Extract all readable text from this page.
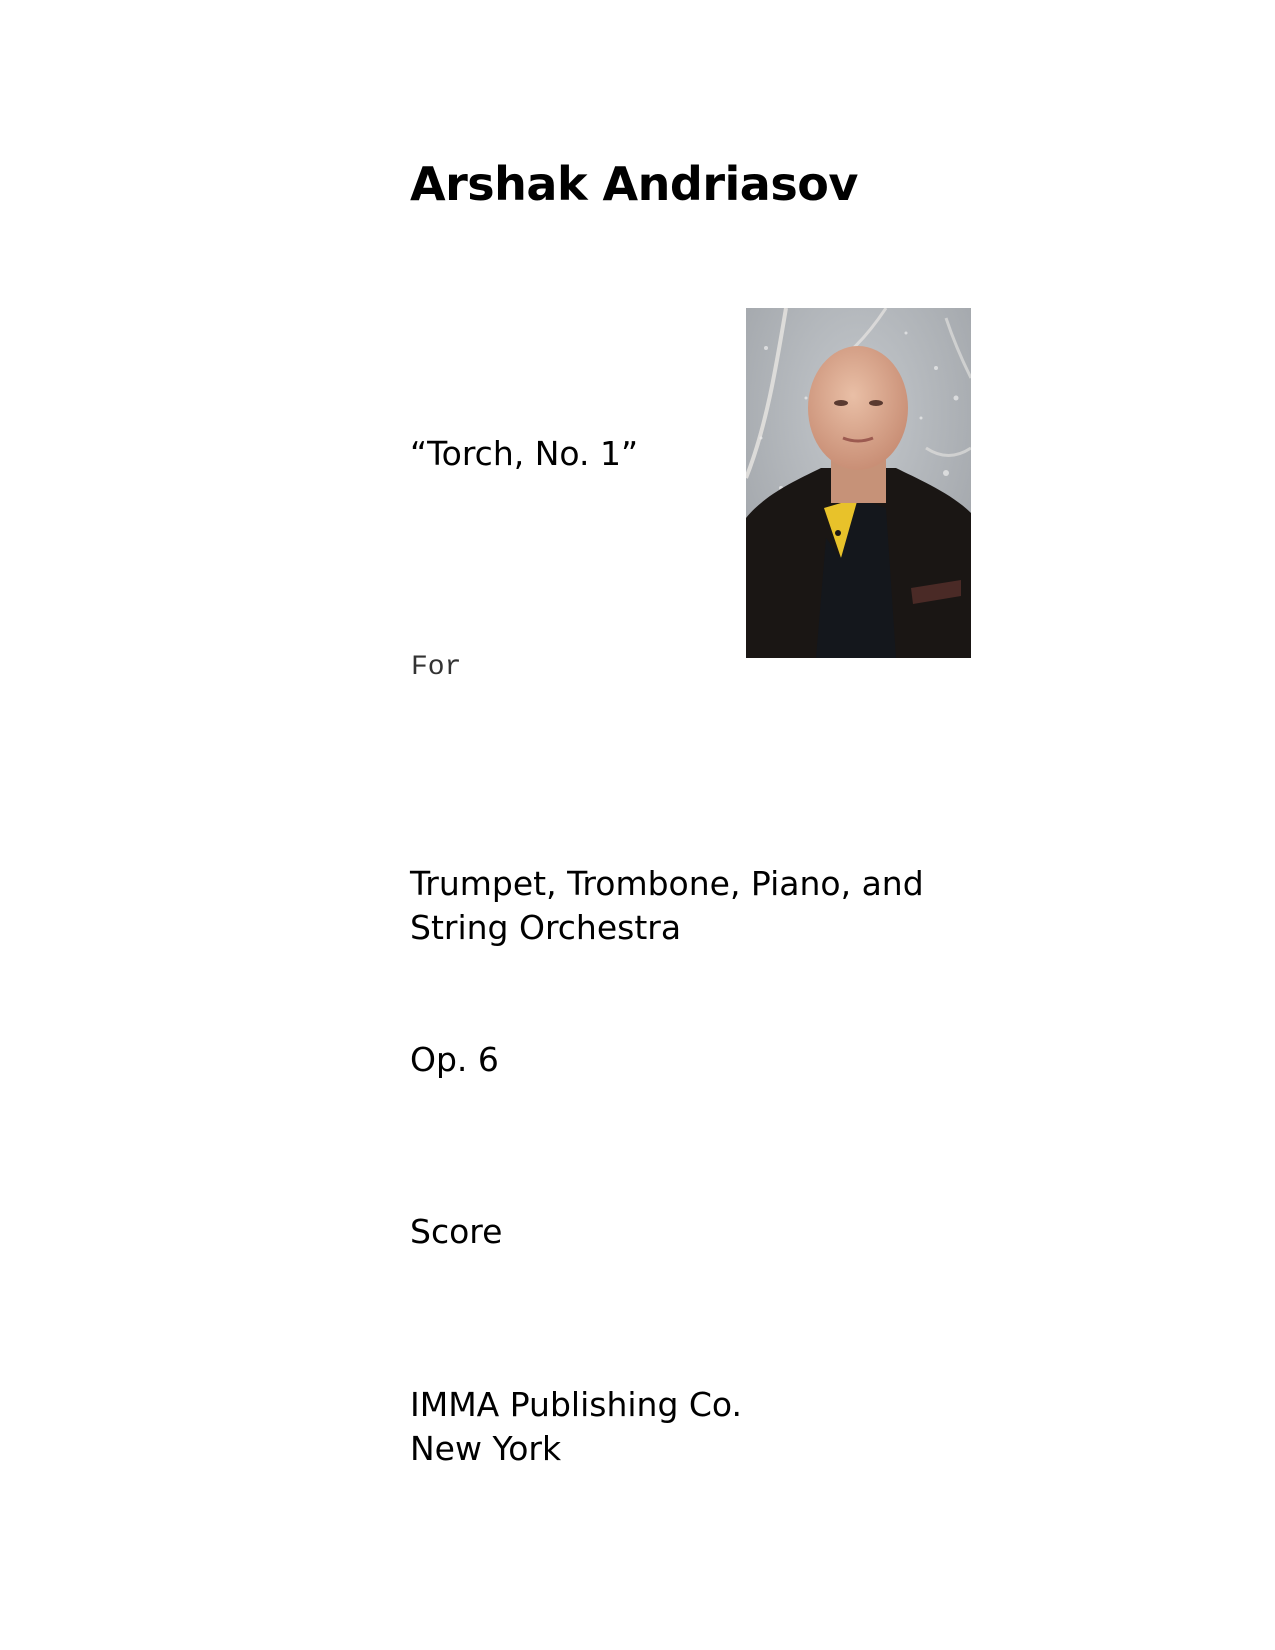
Arshak Andriasov

“Torch, No. 1”

For

Trumpet, Trombone, Piano, and
String Orchestra

Op. 6

Score

IMMA Publishing Co.
New York
